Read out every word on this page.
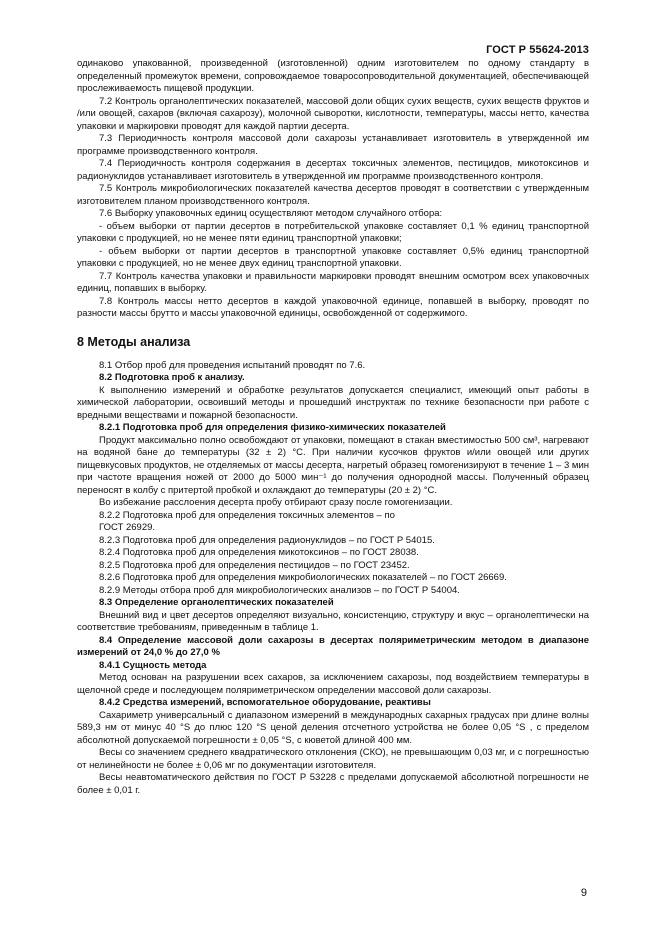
ГОСТ Р 55624-2013

одинаково упакованной, произведенной (изготовленной) одним изготовителем по одному стандарту в определенный промежуток времени, сопровождаемое товаросопроводительной документацией, обеспечивающей прослеживаемость пищевой продукции.

7.2 Контроль органолептических показателей, массовой доли общих сухих веществ, сухих веществ фруктов и /или овощей, сахаров (включая сахарозу), молочной сыворотки, кислотности, температуры, массы нетто, качества упаковки и маркировки проводят для каждой партии десерта.

7.3 Периодичность контроля массовой доли сахарозы устанавливает изготовитель в утвержденной им программе производственного контроля.

7.4 Периодичность контроля содержания в десертах токсичных элементов, пестицидов, микотоксинов и радионуклидов устанавливает изготовитель в утвержденной им программе производственного контроля.

7.5 Контроль микробиологических показателей качества десертов проводят в соответствии с утвержденным изготовителем планом производственного контроля.

7.6 Выборку упаковочных единиц осуществляют методом случайного отбора:

- объем выборки от партии десертов в потребительской упаковке составляет 0,1 % единиц транспортной упаковки с продукцией, но не менее пяти единиц транспортной упаковки;

- объем выборки от партии десертов в транспортной упаковке составляет 0,5% единиц транспортной упаковки с продукцией, но не менее двух единиц транспортной упаковки.

7.7 Контроль качества упаковки и правильности маркировки проводят внешним осмотром всех упаковочных единиц, попавших в выборку.

7.8 Контроль массы нетто десертов в каждой упаковочной единице, попавшей в выборку, проводят по разности массы брутто и массы упаковочной единицы, освобожденной от содержимого.

8 Методы анализа

8.1 Отбор проб для проведения испытаний проводят по 7.6.

8.2 Подготовка проб к анализу.

К выполнению измерений и обработке результатов допускается специалист, имеющий опыт работы в химической лаборатории, освоивший методы и прошедший инструктаж по технике безопасности при работе с вредными веществами и пожарной безопасности.

8.2.1 Подготовка проб для определения физико-химических показателей

Продукт максимально полно освобождают от упаковки, помещают в стакан вместимостью 500 см³, нагревают на водяной бане до температуры (32 ± 2) °С. При наличии кусочков фруктов и/или овощей или других пищевкусовых продуктов, не отделяемых от массы десерта, нагретый образец гомогенизируют в течение 1 – 3 мин при частоте вращения ножей от 2000 до 5000 мин⁻¹ до получения однородной массы. Полученный образец переносят в колбу с притертой пробкой и охлаждают до температуры (20 ± 2) °С.

Во избежание расслоения десерта пробу отбирают сразу после гомогенизации.

8.2.2 Подготовка проб для определения токсичных элементов – по

ГОСТ 26929.

8.2.3 Подготовка проб для определения радионуклидов – по ГОСТ Р 54015.

8.2.4 Подготовка проб для определения микотоксинов – по ГОСТ 28038.

8.2.5 Подготовка проб для определения пестицидов – по ГОСТ 23452.

8.2.6 Подготовка проб для определения микробиологических показателей – по ГОСТ 26669.

8.2.9 Методы отбора проб для микробиологических анализов – по ГОСТ Р 54004.

8.3 Определение органолептических показателей

Внешний вид и цвет десертов определяют визуально, консистенцию, структуру и вкус – органолептически на соответствие требованиям, приведенным в таблице 1.

8.4 Определение массовой доли сахарозы в десертах поляриметрическим методом в диапазоне измерений от 24,0 % до 27,0 %

8.4.1 Сущность метода

Метод основан на разрушении всех сахаров, за исключением сахарозы, под воздействием температуры в щелочной среде и последующем поляриметрическом определении массовой доли сахарозы.

8.4.2 Средства измерений, вспомогательное оборудование, реактивы

Сахариметр универсальный с диапазоном измерений в международных сахарных градусах при длине волны 589,3 нм от минус 40 °S до плюс 120 °S ценой деления отсчетного устройства не более 0,05 °S , с пределом абсолютной допускаемой погрешности ± 0,05 °S, с кюветой длиной 400 мм.

Весы со значением среднего квадратического отклонения (СКО), не превышающим 0,03 мг, и с погрешностью от нелинейности не более ± 0,06 мг по документации изготовителя.

Весы неавтоматического действия по ГОСТ Р 53228 с пределами допускаемой абсолютной погрешности не более ± 0,01 г.

9
